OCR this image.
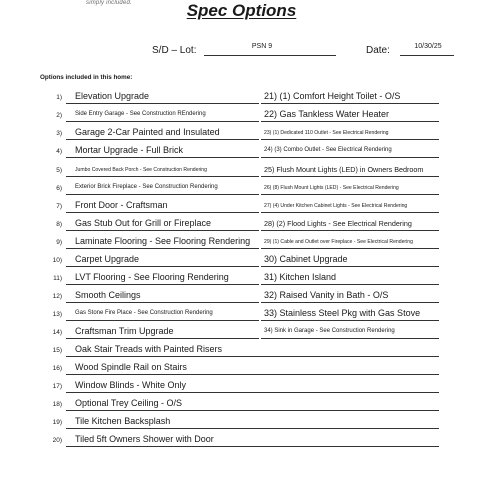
simply included.	Spec Options
S/D – Lot:	PSN 9	Date:	10/30/25
Options included in this home:
1) Elevation Upgrade	21) (1) Comfort Height Toilet - O/S
2) Side Entry Garage - See Construction REndering	22) Gas Tankless Water Heater
3) Garage 2-Car Painted and Insulated	23) (1) Dedicated 110 Outlet - See Electrical Rendering
4) Mortar Upgrade - Full Brick	24) (3) Combo Outlet - See Electrical Rendering
5)	Jumbo Covered Back Porch - See Construction Rendering	25) Flush Mount Lights (LED) in Owners Bedroom
6) Exterior Brick Fireplace - See Construction Rendering	26) (8) Flush Mount Lights (LED) - See Electrical Rendering
7) Front Door - Craftsman	27) (4) Under Kitchen Cabinet Lights - See Electrical Rendering
8) Gas Stub Out for Grill or Fireplace	28) (2) Flood Lights - See Electrical Rendering
9) Laminate Flooring - See Flooring Rendering	29) (1) Cable and Outlet over Fireplace - See Electrical Rendering
10) Carpet Upgrade	30) Cabinet Upgrade
11) LVT Flooring - See Flooring Rendering	31) Kitchen Island
12) Smooth Ceilings	32) Raised Vanity in Bath - O/S
13) Gas Stone Fire Place - See Construction Rendering	33) Stainless Steel Pkg with Gas Stove
14) Craftsman Trim Upgrade	34) Sink in Garage - See Construction Rendering
15) Oak Stair Treads with Painted Risers
16) Wood Spindle Rail on Stairs
17) Window Blinds - White Only
18) Optional Trey Ceiling - O/S
19) Tile Kitchen Backsplash
20) Tiled 5ft Owners Shower with Door
